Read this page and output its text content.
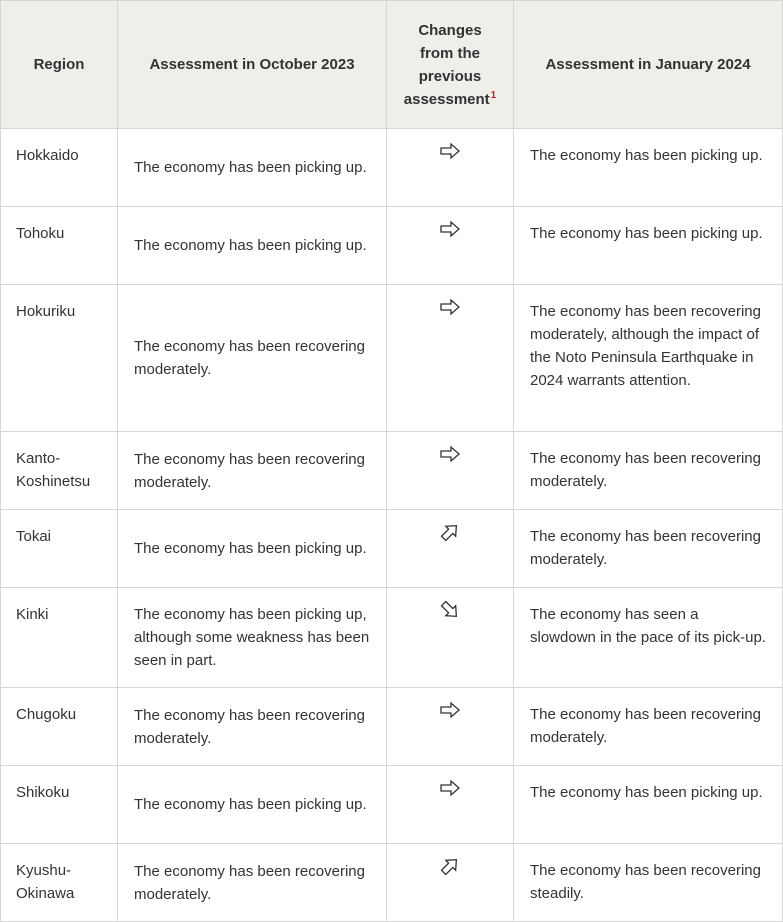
Region	Assessment in October 2023	Changes
from the
previous
assessment$^1$	Assessment in January 2024
Hokkaido	The economy has been picking up.		The economy has been picking up.
Tohoku	The economy has been picking up.		The economy has been picking up.
Hokuriku	The economy has been recovering moderately.		The economy has been recovering moderately, although the impact of the Noto Peninsula Earthquake in 2024 warrants attention.
Kanto-Koshinetsu	The economy has been recovering moderately.		The economy has been recovering moderately.
Tokai	The economy has been picking up.		The economy has been recovering moderately.
Kinki	The economy has been picking up, although some weakness has been seen in part.		The economy has seen a slowdown in the pace of its pick-up.
Chugoku	The economy has been recovering moderately.		The economy has been recovering moderately.
Shikoku	The economy has been picking up.		The economy has been picking up.
Kyushu-Okinawa	The economy has been recovering moderately.		The economy has been recovering steadily.
